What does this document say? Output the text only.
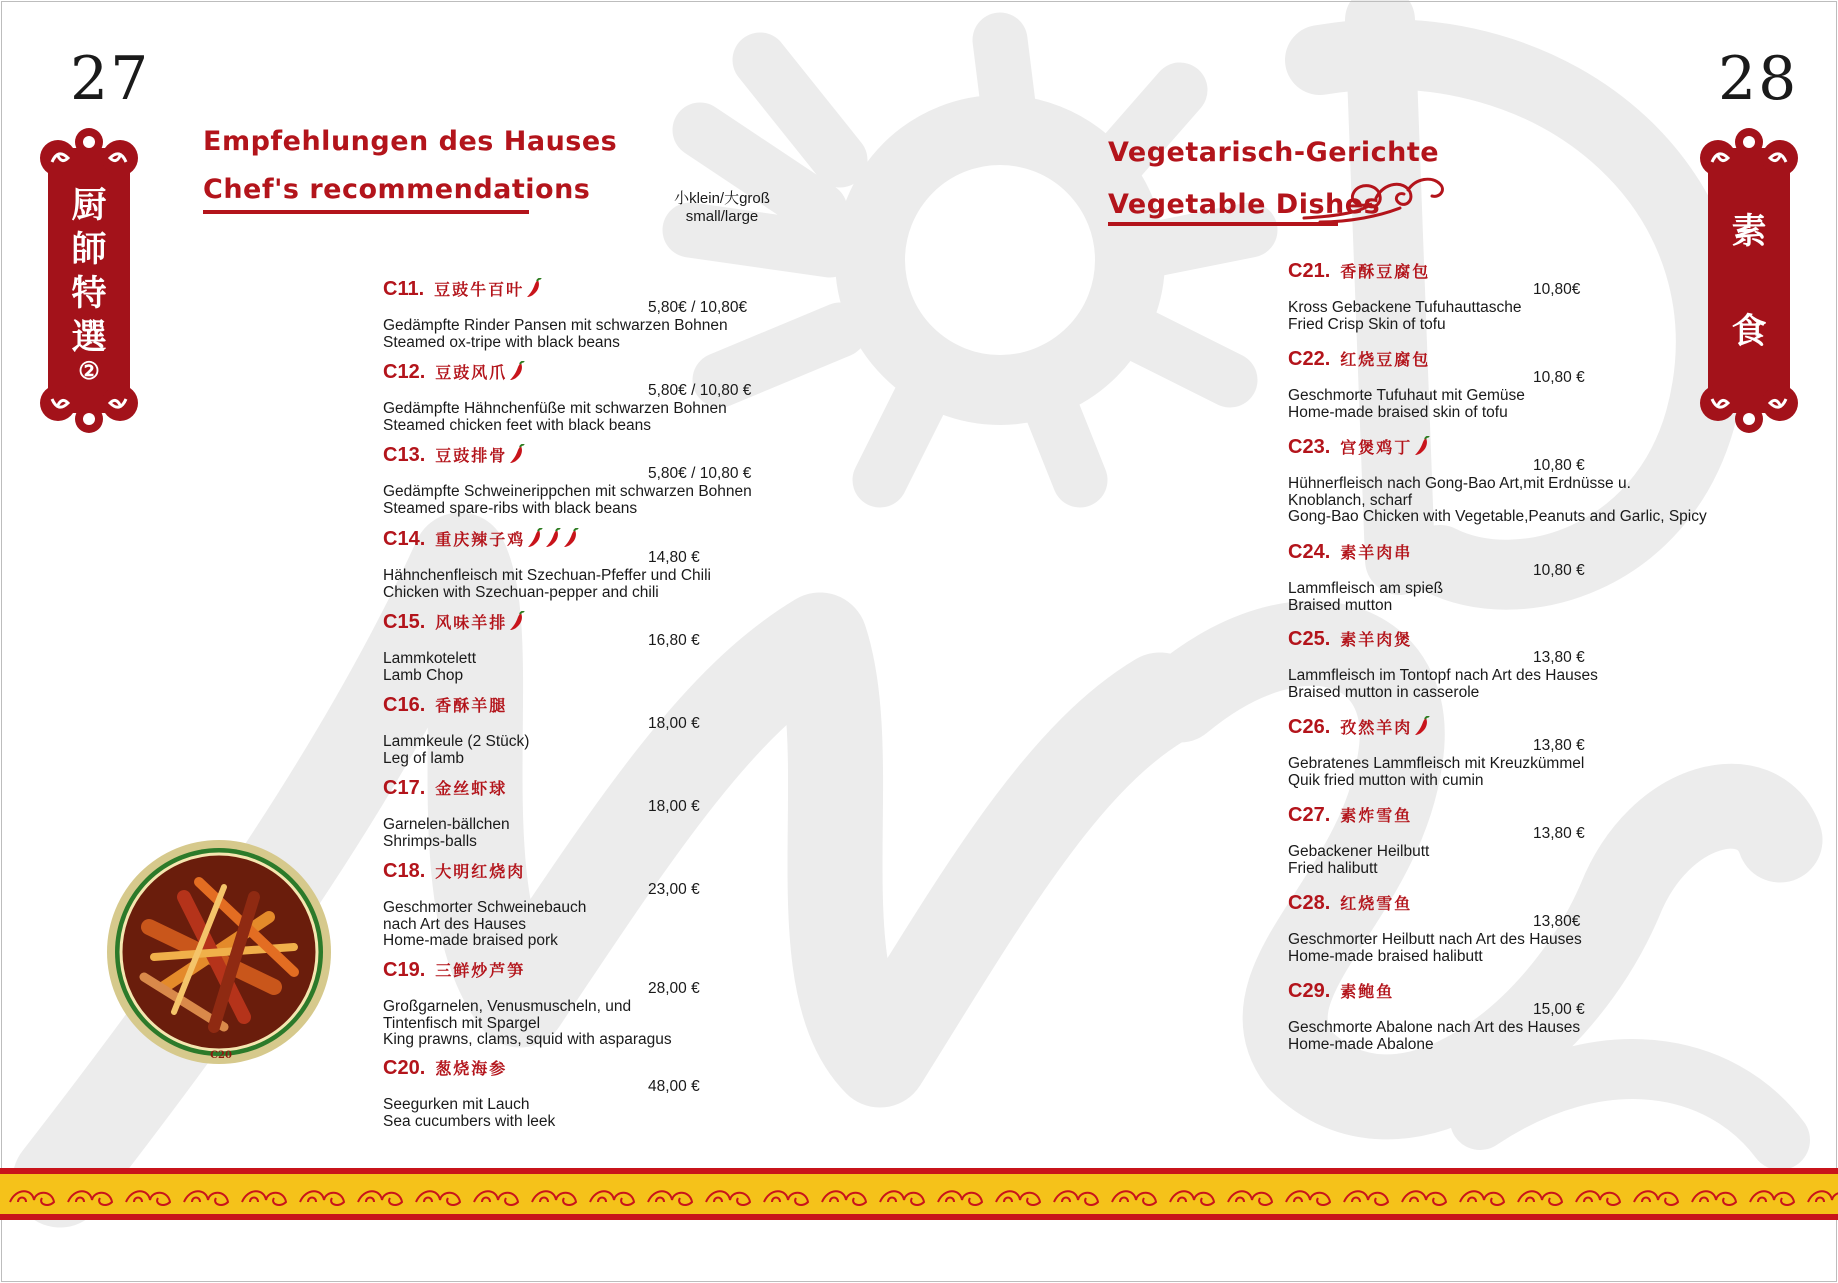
27
厨
師
特
選
②
Empfehlungen des Hauses
Chef's recommendations	小klein/大groß
small/large
C11. 豆豉牛百叶
5,80€ / 10,80€
Gedämpfte Rinder Pansen mit schwarzen Bohnen
Steamed ox-tripe with black beans
C12. 豆豉风爪
5,80€ / 10,80 €
Gedämpfte Hähnchenfüße mit schwarzen Bohnen
Steamed chicken feet with black beans
C13. 豆豉排骨
5,80€ / 10,80 €
Gedämpfte Schweinerippchen mit schwarzen Bohnen
Steamed spare-ribs with black beans
C14. 重庆辣子鸡
14,80 €
Hähnchenfleisch mit Szechuan-Pfeffer und Chili
Chicken with Szechuan-pepper and chili
C15. 风味羊排
16,80 €
Lammkotelett
Lamb Chop
C16. 香酥羊腿
18,00 €
Lammkeule (2 Stück)
Leg of lamb
C17. 金丝虾球
18,00 €
Garnelen-bällchen
Shrimps-balls
C18. 大明红烧肉
23,00 €
Geschmorter Schweinebauch
nach Art des Hauses
Home-made braised pork
C19. 三鲜炒芦笋
28,00 €
Großgarnelen, Venusmuscheln, und
Tintenfisch mit Spargel
King prawns, clams, squid with asparagus
C20. 葱烧海参
48,00 €
Seegurken mit Lauch
Sea cucumbers with leek
C20
28
素
食
Vegetarisch-Gerichte
Vegetable Dishes
C21. 香酥豆腐包
10,80€
Kross Gebackene Tufuhauttasche
Fried Crisp Skin of tofu
C22. 红烧豆腐包
10,80 €
Geschmorte Tufuhaut mit Gemüse
Home-made braised skin of tofu
C23. 宫煲鸡丁
10,80 €
Hühnerfleisch nach Gong-Bao Art,mit Erdnüsse u.
Knoblanch, scharf
Gong-Bao Chicken with Vegetable,Peanuts and Garlic, Spicy
C24. 素羊肉串
10,80 €
Lammfleisch am spieß
Braised mutton
C25. 素羊肉煲
13,80 €
Lammfleisch im Tontopf nach Art des Hauses
Braised mutton in casserole
C26. 孜然羊肉
13,80 €
Gebratenes Lammfleisch mit Kreuzkümmel
Quik fried mutton with cumin
C27. 素炸雪鱼
13,80 €
Gebackener Heilbutt
Fried halibutt
C28. 红烧雪鱼
13,80€
Geschmorter Heilbutt nach Art des Hauses
Home-made braised halibutt
C29. 素鲍鱼
15,00 €
Geschmorte Abalone nach Art des Hauses
Home-made Abalone
